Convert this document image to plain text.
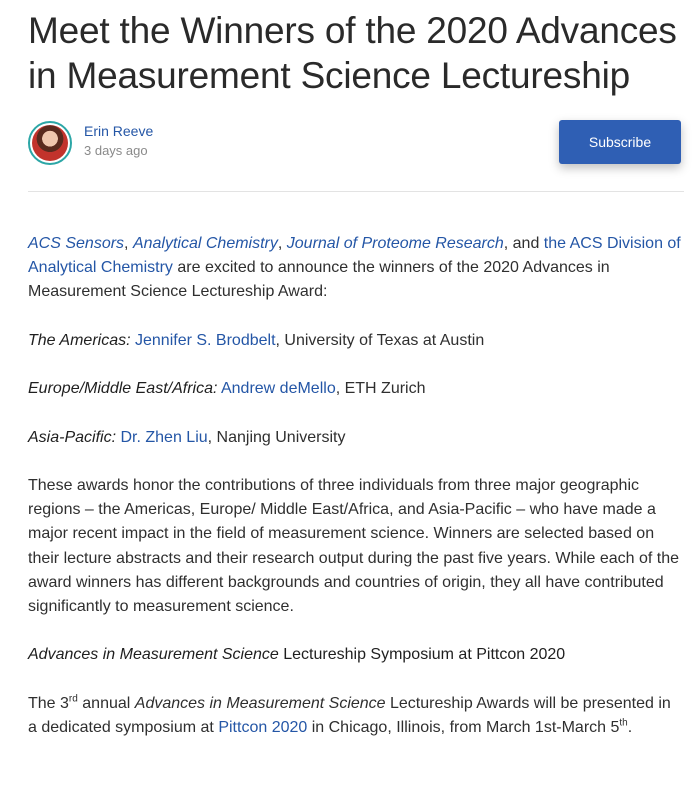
Meet the Winners of the 2020 Advances in Measurement Science Lectureship
Erin Reeve
3 days ago
Subscribe

ACS Sensors, Analytical Chemistry, Journal of Proteome Research, and the ACS Division of Analytical Chemistry are excited to announce the winners of the 2020 Advances in Measurement Science Lectureship Award:

The Americas: Jennifer S. Brodbelt, University of Texas at Austin

Europe/Middle East/Africa: Andrew deMello, ETH Zurich

Asia-Pacific: Dr. Zhen Liu, Nanjing University

These awards honor the contributions of three individuals from three major geographic regions – the Americas, Europe/ Middle East/Africa, and Asia-Pacific – who have made a major recent impact in the field of measurement science. Winners are selected based on their lecture abstracts and their research output during the past five years. While each of the award winners has different backgrounds and countries of origin, they all have contributed significantly to measurement science.

Advances in Measurement Science Lectureship Symposium at Pittcon 2020

The 3rd annual Advances in Measurement Science Lectureship Awards will be presented in a dedicated symposium at Pittcon 2020 in Chicago, Illinois, from March 1st-March 5th.
